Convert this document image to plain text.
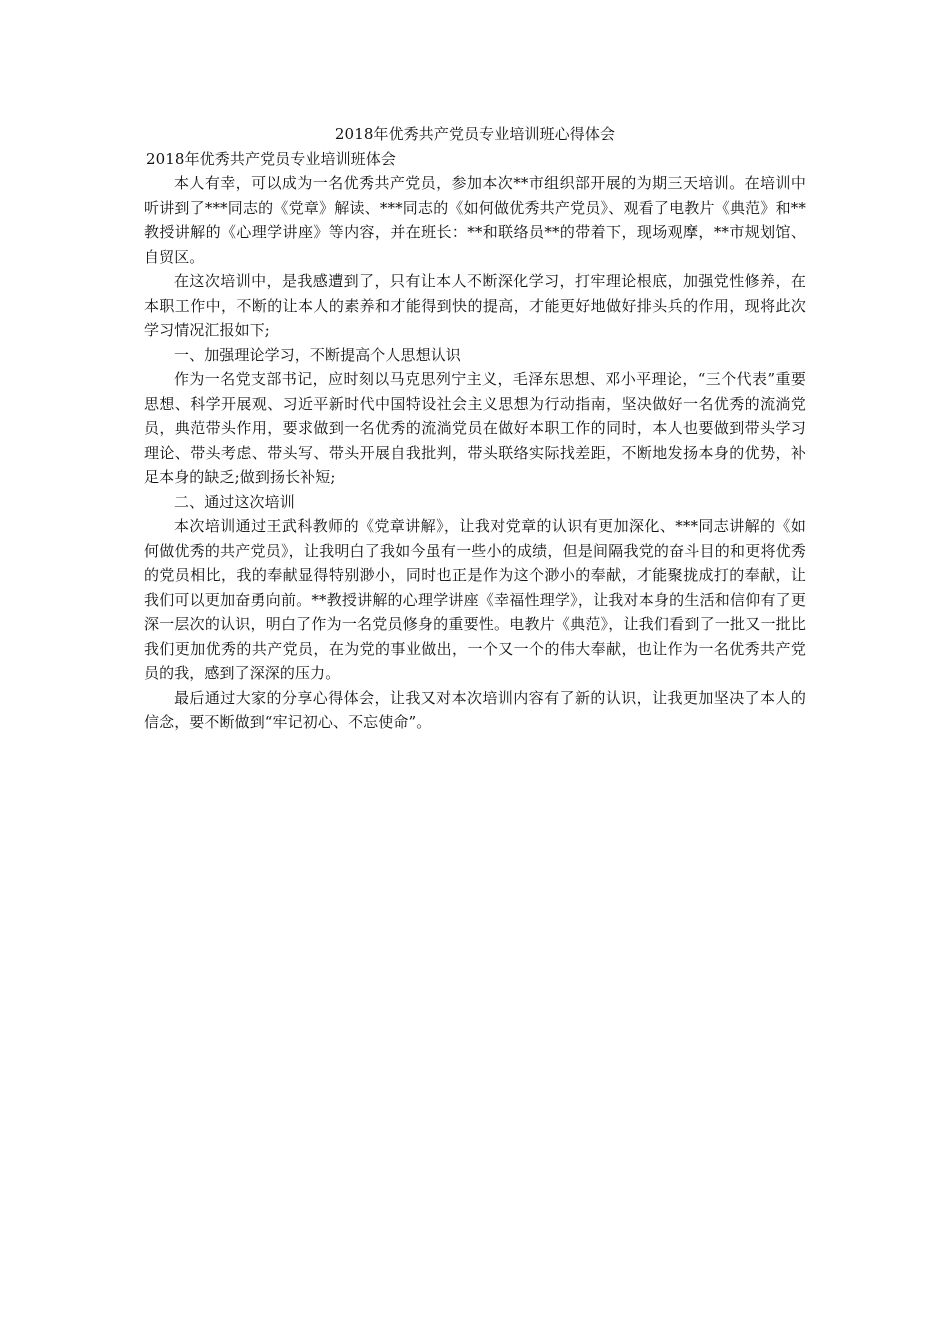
2018年优秀共产党员专业培训班心得体会

2018年优秀共产党员专业培训班体会

本人有幸，可以成为一名优秀共产党员，参加本次**市组织部开展的为期三天培训。在培训中听讲到了***同志的《党章》解读、***同志的《如何做优秀共产党员》、观看了电教片《典范》和**教授讲解的《心理学讲座》等内容，并在班长：**和联络员**的带着下，现场观摩，**市规划馆、自贸区。

在这次培训中，是我感遭到了，只有让本人不断深化学习，打牢理论根底，加强党性修养，在本职工作中，不断的让本人的素养和才能得到快的提高，才能更好地做好排头兵的作用，现将此次学习情况汇报如下;

一、加强理论学习，不断提高个人思想认识

作为一名党支部书记，应时刻以马克思列宁主义，毛泽东思想、邓小平理论，“三个代表”重要思想、科学开展观、习近平新时代中国特设社会主义思想为行动指南，坚决做好一名优秀的流淌党员，典范带头作用，要求做到一名优秀的流淌党员在做好本职工作的同时，本人也要做到带头学习理论、带头考虑、带头写、带头开展自我批判，带头联络实际找差距，不断地发扬本身的优势，补足本身的缺乏;做到扬长补短;

二、通过这次培训

本次培训通过王武科教师的《党章讲解》，让我对党章的认识有更加深化、***同志讲解的《如何做优秀的共产党员》，让我明白了我如今虽有一些小的成绩，但是间隔我党的奋斗目的和更将优秀的党员相比，我的奉献显得特别渺小，同时也正是作为这个渺小的奉献，才能聚拢成打的奉献，让我们可以更加奋勇向前。**教授讲解的心理学讲座《幸福性理学》，让我对本身的生活和信仰有了更深一层次的认识，明白了作为一名党员修身的重要性。电教片《典范》，让我们看到了一批又一批比我们更加优秀的共产党员，在为党的事业做出，一个又一个的伟大奉献，也让作为一名优秀共产党员的我，感到了深深的压力。

最后通过大家的分享心得体会，让我又对本次培训内容有了新的认识，让我更加坚决了本人的信念，要不断做到“牢记初心、不忘使命”。
